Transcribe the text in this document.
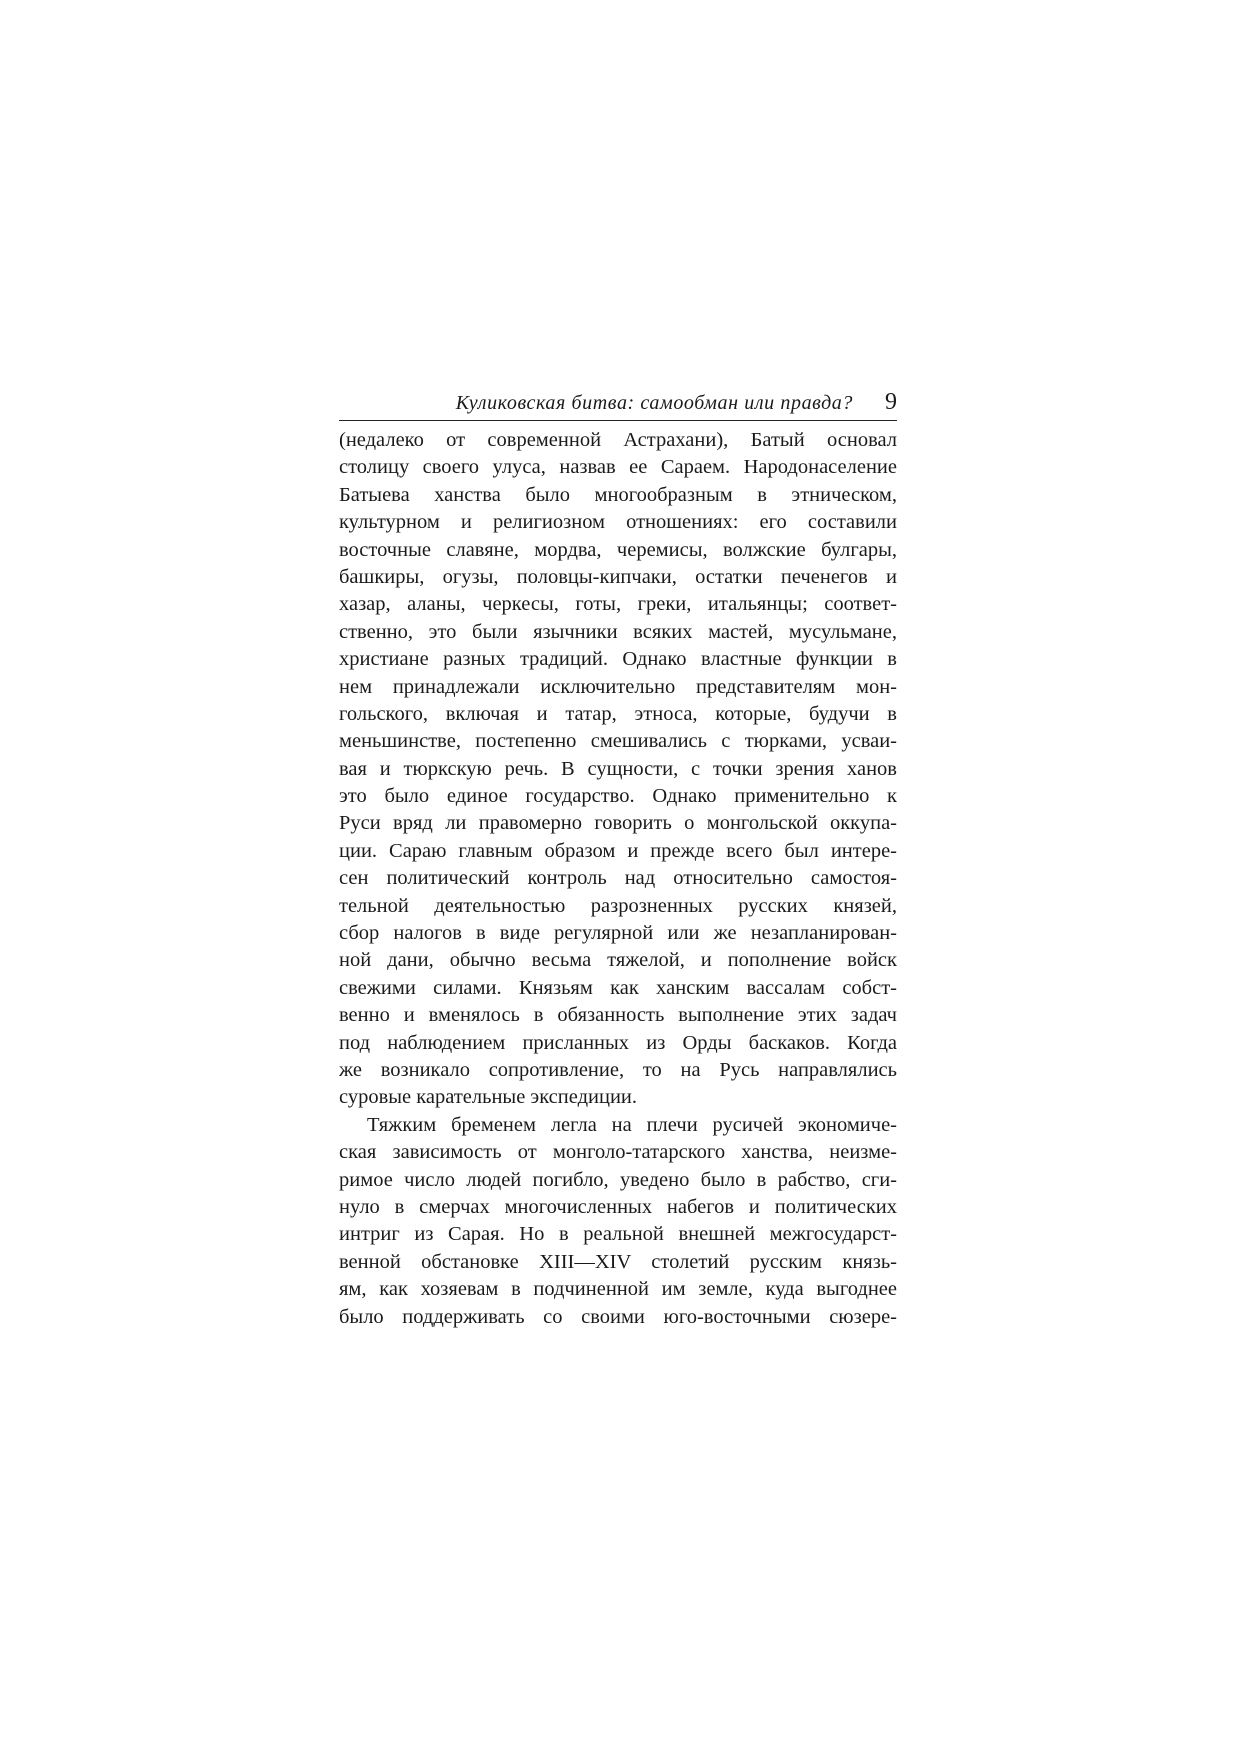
Куликовская битва: самообман или правда? 9
(недалеко от современной Астрахани), Батый основал
столицу своего улуса, назвав ее Сараем. Народонаселение
Батыева ханства было многообразным в этническом,
культурном и религиозном отношениях: его составили
восточные славяне, мордва, черемисы, волжские булгары,
башкиры, огузы, половцы-кипчаки, остатки печенегов и
хазар, аланы, черкесы, готы, греки, итальянцы; соответ-
ственно, это были язычники всяких мастей, мусульмане,
христиане разных традиций. Однако властные функции в
нем принадлежали исключительно представителям мон-
гольского, включая и татар, этноса, которые, будучи в
меньшинстве, постепенно смешивались с тюрками, усваи-
вая и тюркскую речь. В сущности, с точки зрения ханов
это было единое государство. Однако применительно к
Руси вряд ли правомерно говорить о монгольской оккупа-
ции. Сараю главным образом и прежде всего был интере-
сен политический контроль над относительно самостоя-
тельной деятельностью разрозненных русских князей,
сбор налогов в виде регулярной или же незапланирован-
ной дани, обычно весьма тяжелой, и пополнение войск
свежими силами. Князьям как ханским вассалам собст-
венно и вменялось в обязанность выполнение этих задач
под наблюдением присланных из Орды баскаков. Когда
же возникало сопротивление, то на Русь направлялись
суровые карательные экспедиции.
Тяжким бременем легла на плечи русичей экономиче-
ская зависимость от монголо-татарского ханства, неизме-
римое число людей погибло, уведено было в рабство, сги-
нуло в смерчах многочисленных набегов и политических
интриг из Сарая. Но в реальной внешней межгосударст-
венной обстановке XIII—XIV столетий русским князь-
ям, как хозяевам в подчиненной им земле, куда выгоднее
было поддерживать со своими юго-восточными сюзере-
